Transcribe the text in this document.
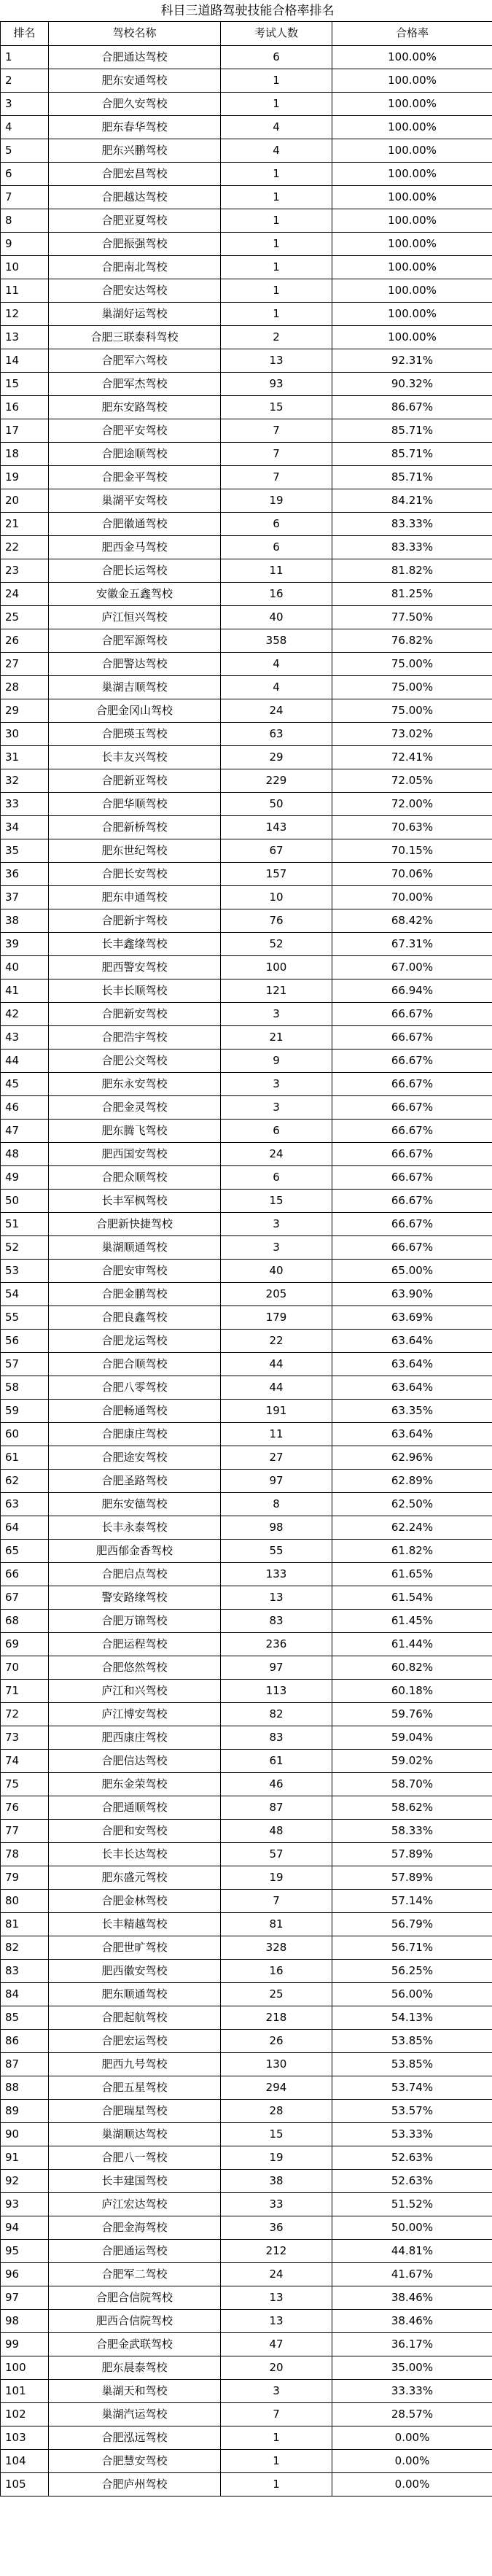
科目三道路驾驶技能合格率排名
排名	驾校名称	考试人数	合格率
1	合肥通达驾校	6	100.00%
2	肥东安通驾校	1	100.00%
3	合肥久安驾校	1	100.00%
4	肥东春华驾校	4	100.00%
5	肥东兴鹏驾校	4	100.00%
6	合肥宏昌驾校	1	100.00%
7	合肥越达驾校	1	100.00%
8	合肥亚夏驾校	1	100.00%
9	合肥振强驾校	1	100.00%
10	合肥南北驾校	1	100.00%
11	合肥安达驾校	1	100.00%
12	巢湖好运驾校	1	100.00%
13	合肥三联泰科驾校	2	100.00%
14	合肥军六驾校	13	92.31%
15	合肥军杰驾校	93	90.32%
16	肥东安路驾校	15	86.67%
17	合肥平安驾校	7	85.71%
18	合肥途顺驾校	7	85.71%
19	合肥金平驾校	7	85.71%
20	巢湖平安驾校	19	84.21%
21	合肥徽通驾校	6	83.33%
22	肥西金马驾校	6	83.33%
23	合肥长运驾校	11	81.82%
24	安徽金五鑫驾校	16	81.25%
25	庐江恒兴驾校	40	77.50%
26	合肥军源驾校	358	76.82%
27	合肥警达驾校	4	75.00%
28	巢湖吉顺驾校	4	75.00%
29	合肥金冈山驾校	24	75.00%
30	合肥瑛玉驾校	63	73.02%
31	长丰友兴驾校	29	72.41%
32	合肥新亚驾校	229	72.05%
33	合肥华顺驾校	50	72.00%
34	合肥新桥驾校	143	70.63%
35	肥东世纪驾校	67	70.15%
36	合肥长安驾校	157	70.06%
37	肥东申通驾校	10	70.00%
38	合肥新宇驾校	76	68.42%
39	长丰鑫缘驾校	52	67.31%
40	肥西警安驾校	100	67.00%
41	长丰长顺驾校	121	66.94%
42	合肥新安驾校	3	66.67%
43	合肥浩宇驾校	21	66.67%
44	合肥公交驾校	9	66.67%
45	肥东永安驾校	3	66.67%
46	合肥金灵驾校	3	66.67%
47	肥东腾飞驾校	6	66.67%
48	肥西国安驾校	24	66.67%
49	合肥众顺驾校	6	66.67%
50	长丰军枫驾校	15	66.67%
51	合肥新快捷驾校	3	66.67%
52	巢湖顺通驾校	3	66.67%
53	合肥安审驾校	40	65.00%
54	合肥金鹏驾校	205	63.90%
55	合肥良鑫驾校	179	63.69%
56	合肥龙运驾校	22	63.64%
57	合肥合顺驾校	44	63.64%
58	合肥八零驾校	44	63.64%
59	合肥畅通驾校	191	63.35%
60	合肥康庄驾校	11	63.64%
61	合肥途安驾校	27	62.96%
62	合肥圣路驾校	97	62.89%
63	肥东安德驾校	8	62.50%
64	长丰永泰驾校	98	62.24%
65	肥西郁金香驾校	55	61.82%
66	合肥启点驾校	133	61.65%
67	警安路缘驾校	13	61.54%
68	合肥万锦驾校	83	61.45%
69	合肥运程驾校	236	61.44%
70	合肥悠然驾校	97	60.82%
71	庐江和兴驾校	113	60.18%
72	庐江博安驾校	82	59.76%
73	肥西康庄驾校	83	59.04%
74	合肥信达驾校	61	59.02%
75	肥东金荣驾校	46	58.70%
76	合肥通顺驾校	87	58.62%
77	合肥和安驾校	48	58.33%
78	长丰长达驾校	57	57.89%
79	肥东盛元驾校	19	57.89%
80	合肥金林驾校	7	57.14%
81	长丰精越驾校	81	56.79%
82	合肥世旷驾校	328	56.71%
83	肥西徽安驾校	16	56.25%
84	肥东顺通驾校	25	56.00%
85	合肥起航驾校	218	54.13%
86	合肥宏运驾校	26	53.85%
87	肥西九号驾校	130	53.85%
88	合肥五星驾校	294	53.74%
89	合肥瑞星驾校	28	53.57%
90	巢湖顺达驾校	15	53.33%
91	合肥八一驾校	19	52.63%
92	长丰建国驾校	38	52.63%
93	庐江宏达驾校	33	51.52%
94	合肥金海驾校	36	50.00%
95	合肥通运驾校	212	44.81%
96	合肥军二驾校	24	41.67%
97	合肥合信院驾校	13	38.46%
98	肥西合信院驾校	13	38.46%
99	合肥金武联驾校	47	36.17%
100	肥东晨泰驾校	20	35.00%
101	巢湖天和驾校	3	33.33%
102	巢湖汽运驾校	7	28.57%
103	合肥泓远驾校	1	0.00%
104	合肥慧安驾校	1	0.00%
105	合肥庐州驾校	1	0.00%
